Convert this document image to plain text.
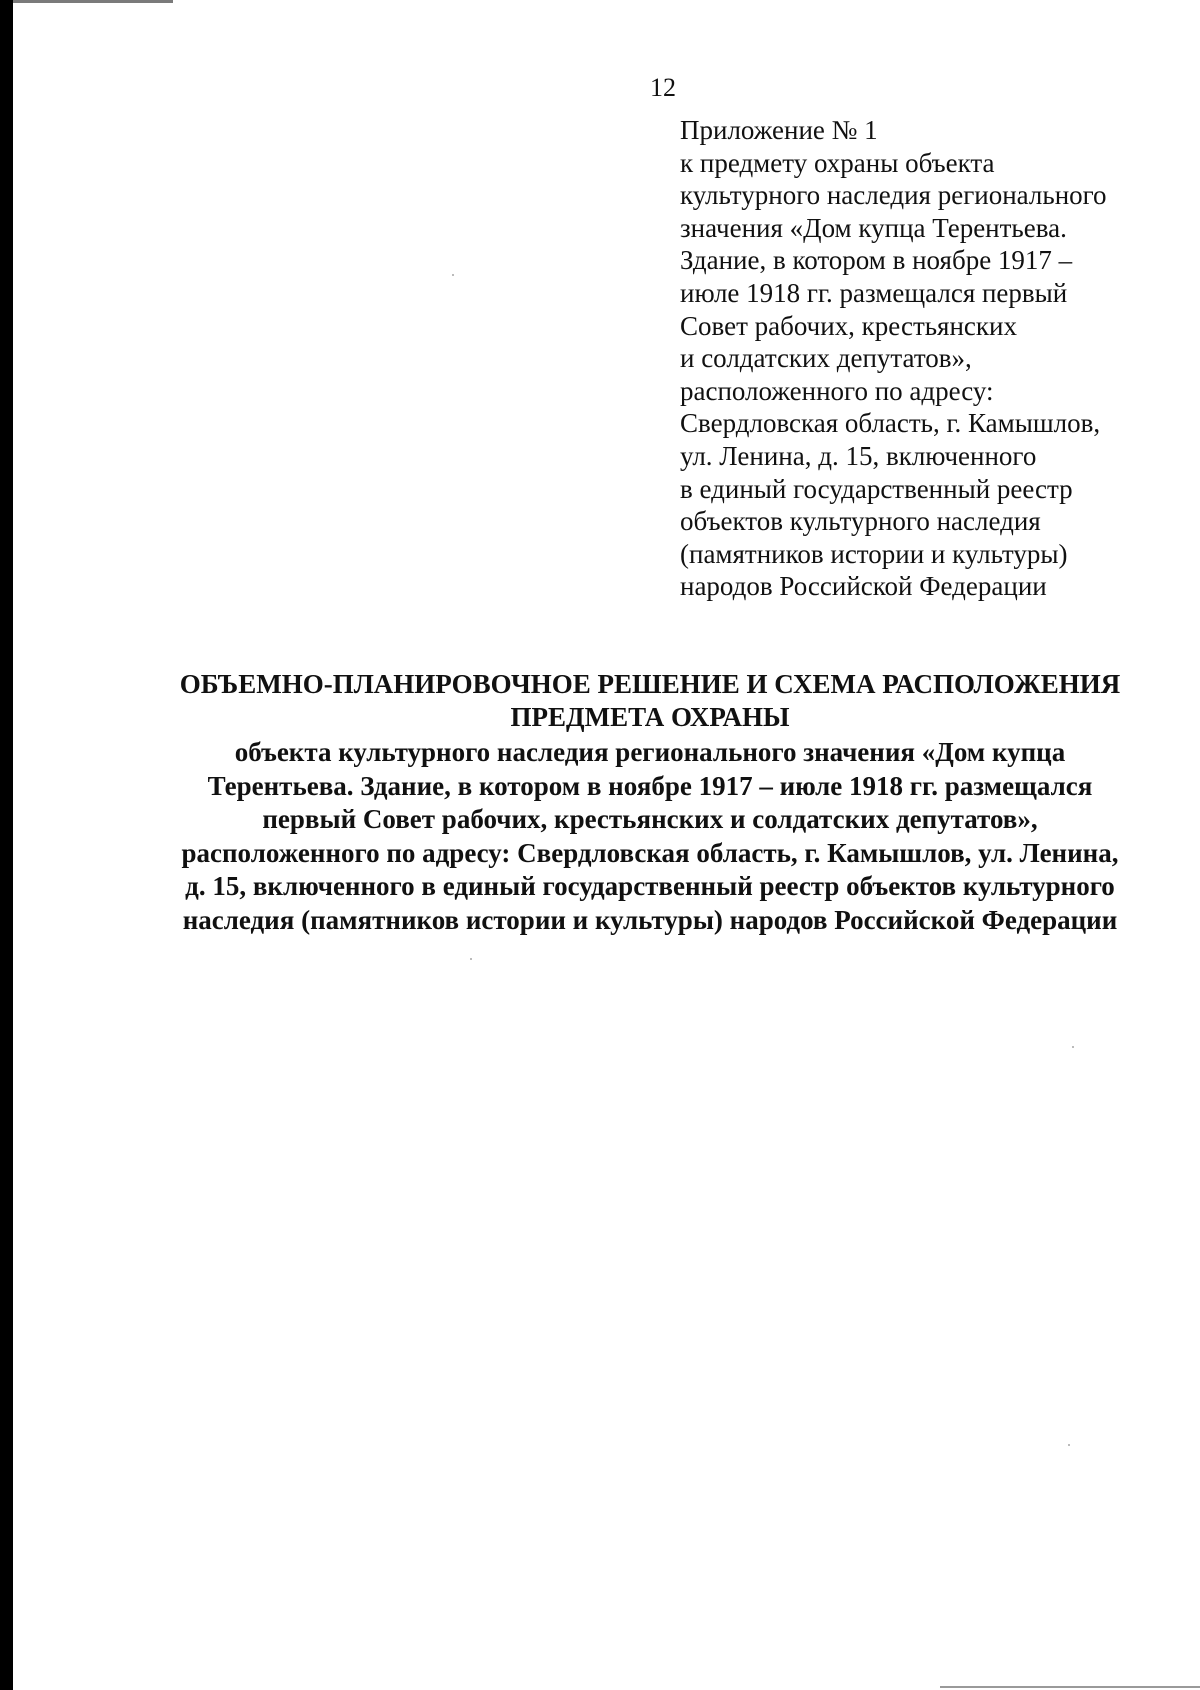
12
Приложение № 1
к предмету охраны объекта
культурного наследия регионального
значения «Дом купца Терентьева.
Здание, в котором в ноябре 1917 –
июле 1918 гг. размещался первый
Совет рабочих, крестьянских
и солдатских депутатов»,
расположенного по адресу:
Свердловская область, г. Камышлов,
ул. Ленина, д. 15, включенного
в единый государственный реестр
объектов культурного наследия
(памятников истории и культуры)
народов Российской Федерации
ОБЪЕМНО-ПЛАНИРОВОЧНОЕ РЕШЕНИЕ И СХЕМА РАСПОЛОЖЕНИЯ
ПРЕДМЕТА ОХРАНЫ
объекта культурного наследия регионального значения «Дом купца
Терентьева. Здание, в котором в ноябре 1917 – июле 1918 гг. размещался
первый Совет рабочих, крестьянских и солдатских депутатов»,
расположенного по адресу: Свердловская область, г. Камышлов, ул. Ленина,
д. 15, включенного в единый государственный реестр объектов культурного
наследия (памятников истории и культуры) народов Российской Федерации
